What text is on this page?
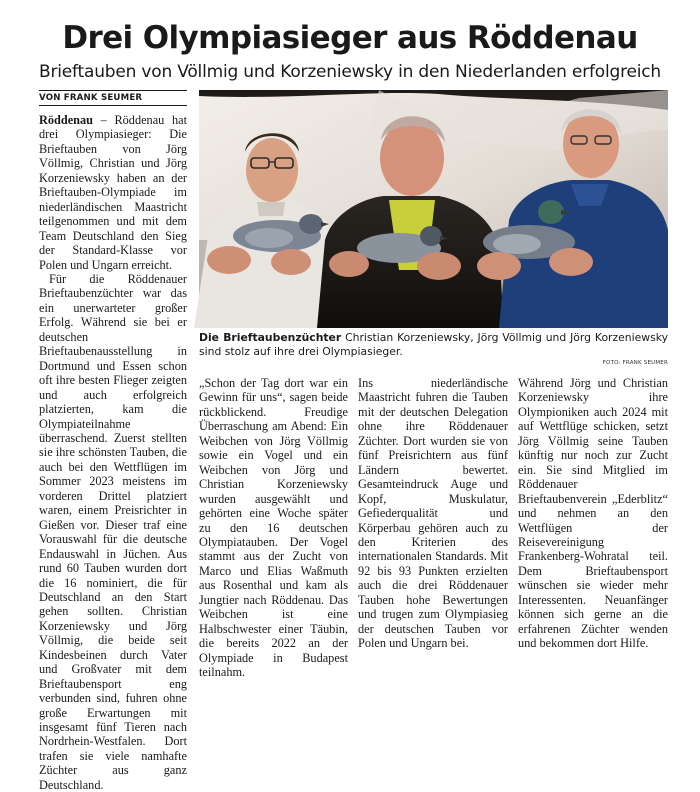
Drei Olympiasieger aus Röddenau
Brieftauben von Völlmig und Korzeniewsky in den Niederlanden erfolgreich
VON FRANK SEUMER

Röddenau – Röddenau hat drei Olympiasieger: Die Brieftauben von Jörg Völlmig, Christian und Jörg Korzeniewsky haben an der Brieftauben-Olympiade im niederländischen Maastricht teilgenommen und mit dem Team Deutschland den Sieg der Standard-Klasse vor Polen und Ungarn erreicht.

Für die Röddenauer Brieftaubenzüchter war das ein unerwarteter großer Erfolg. Während sie bei er deutschen Brieftaubenausstellung in Dortmund und Essen schon oft ihre besten Flieger zeigten und auch erfolgreich platzierten, kam die Olympiateilnahme überraschend. Zuerst stellten sie ihre schönsten Tauben, die auch bei den Wettflügen im Sommer 2023 meistens im vorderen Drittel platziert waren, einem Preisrichter in Gießen vor. Dieser traf eine Vorauswahl für die deutsche Endauswahl in Jüchen. Aus rund 60 Tauben wurden dort die 16 nominiert, die für Deutschland an den Start gehen sollten. Christian Korzeniewsky und Jörg Völlmig, die beide seit Kindesbeinen durch Vater und Großvater mit dem Brieftaubensport eng verbunden sind, fuhren ohne große Erwartungen mit insgesamt fünf Tieren nach Nordrhein-Westfalen. Dort trafen sie viele namhafte Züchter aus ganz Deutschland.

„Schon der Tag dort war ein Gewinn für uns“, sagen beide rückblickend. Freudige Überraschung am Abend: Ein Weibchen von Jörg Völlmig sowie ein Vogel und ein Weibchen von Jörg und Christian Korzeniewsky wurden ausgewählt und gehörten eine Woche später zu den 16 deutschen Olympiatauben. Der Vogel stammt aus der Zucht von Marco und Elias Waßmuth aus Rosenthal und kam als Jungtier nach Röddenau. Das Weibchen ist eine Halbschwester einer Täubin, die bereits 2022 an der Olympiade in Budapest teilnahm.

Ins niederländische Maastricht fuhren die Tauben mit der deutschen Delegation ohne ihre Röddenauer Züchter. Dort wurden sie von fünf Preisrichtern aus fünf Ländern bewertet. Gesamteindruck Auge und Kopf, Muskulatur, Gefiederqualität und Körperbau gehören auch zu den Kriterien des internationalen Standards. Mit 92 bis 93 Punkten erzielten auch die drei Röddenauer Tauben hohe Bewertungen und trugen zum Olympiasieg der deutschen Tauben vor Polen und Ungarn bei.

Während Jörg und Christian Korzeniewsky ihre Olympioniken auch 2024 mit auf Wettflüge schicken, setzt Jörg Völlmig seine Tauben künftig nur noch zur Zucht ein. Sie sind Mitglied im Röddenauer Brieftaubenverein „Ederblitz“ und nehmen an den Wettflügen der Reisevereinigung Frankenberg-Wohratal teil. Dem Brieftaubensport wünschen sie wieder mehr Interessenten. Neuanfänger können sich gerne an die erfahrenen Züchter wenden und bekommen dort Hilfe.

Die Brieftaubenzüchter Christian Korzeniewsky, Jörg Völlmig und Jörg Korzeniewsky sind stolz auf ihre drei Olympiasieger.
FOTO: FRANK SEUMER
